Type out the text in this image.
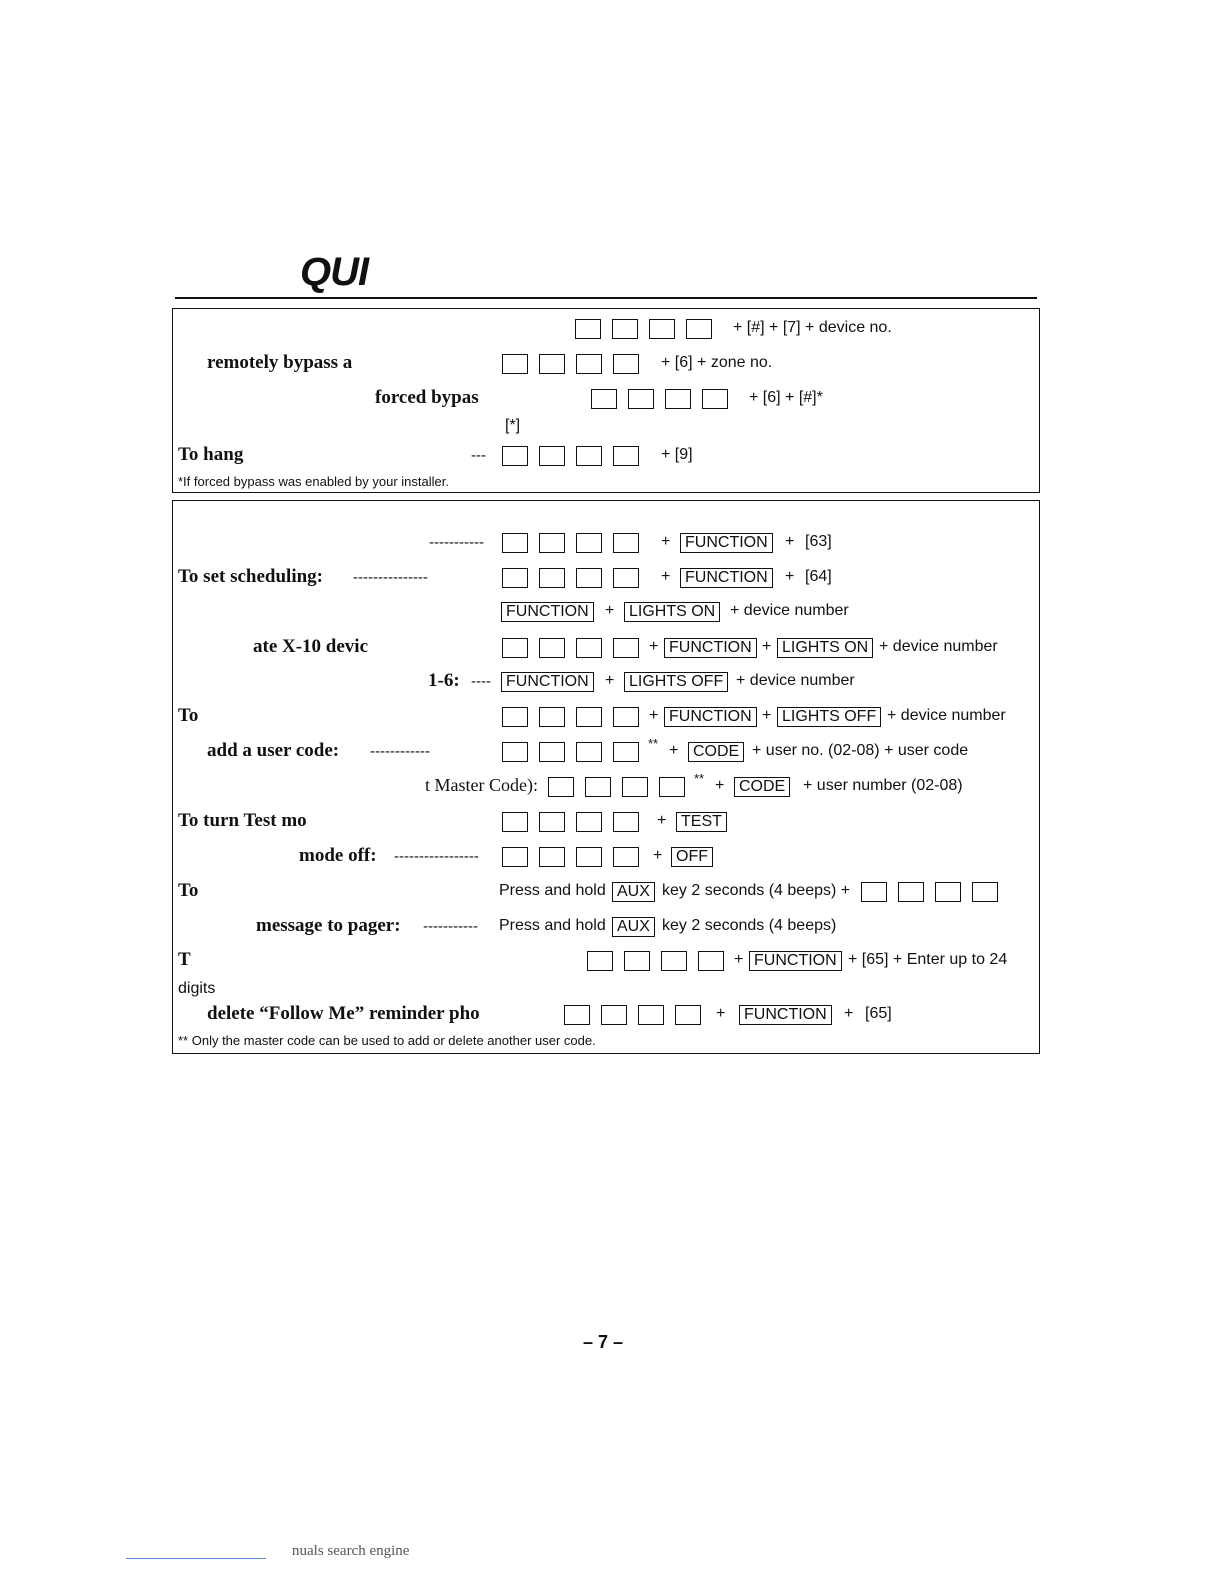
QUI
+ [#] + [7] + device no.
remotely bypass a	+ [6] + zone no.
forced bypas	+ [6] + [#]*
[*]
To hang	---	+ [9]
*If forced bypass was enabled by your installer.
-----------	+ FUNCTION	+ [63]
To set scheduling: ---------------	+ FUNCTION	+ [64]
FUNCTION	+ LIGHTS ON + device number
ate X-10 devic	+ FUNCTION + LIGHTS ON + device number
1-6: ---- FUNCTION	+ LIGHTS OFF + device number
To	+ FUNCTION + LIGHTS OFF + device number
add a user code: ------------	** + CODE + user no. (02-08) + user code
t Master Code):	** + CODE	+ user number (02-08)
To turn Test mo	+ TEST
mode off: -----------------	+ OFF
To	Press and hold AUX key 2 seconds (4 beeps) +
message to pager: ----------- Press and hold AUX key 2 seconds (4 beeps)
T	+ FUNCTION + [65] + Enter up to 24
digits
delete “Follow Me” reminder pho	+	FUNCTION	+ [65]
** Only the master code can be used to add or delete another user code.
– 7 –
nuals search engine
